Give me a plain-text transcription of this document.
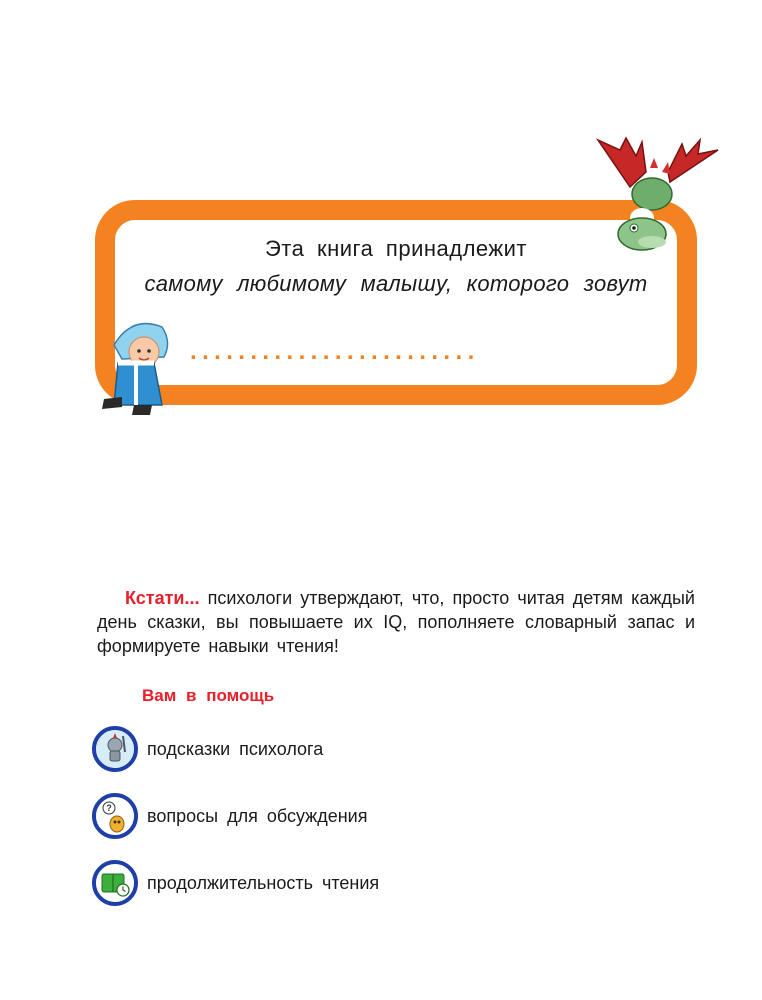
Эта книга принадлежит
самому любимому малышу, которого зовут
........................
Кстати... психологи утверждают, что, просто читая детям каждый день сказки, вы повышаете их IQ, пополняете словарный запас и формируете навыки чтения!
Вам в помощь
подсказки психолога
? вопросы для обсуждения
продолжительность чтения
